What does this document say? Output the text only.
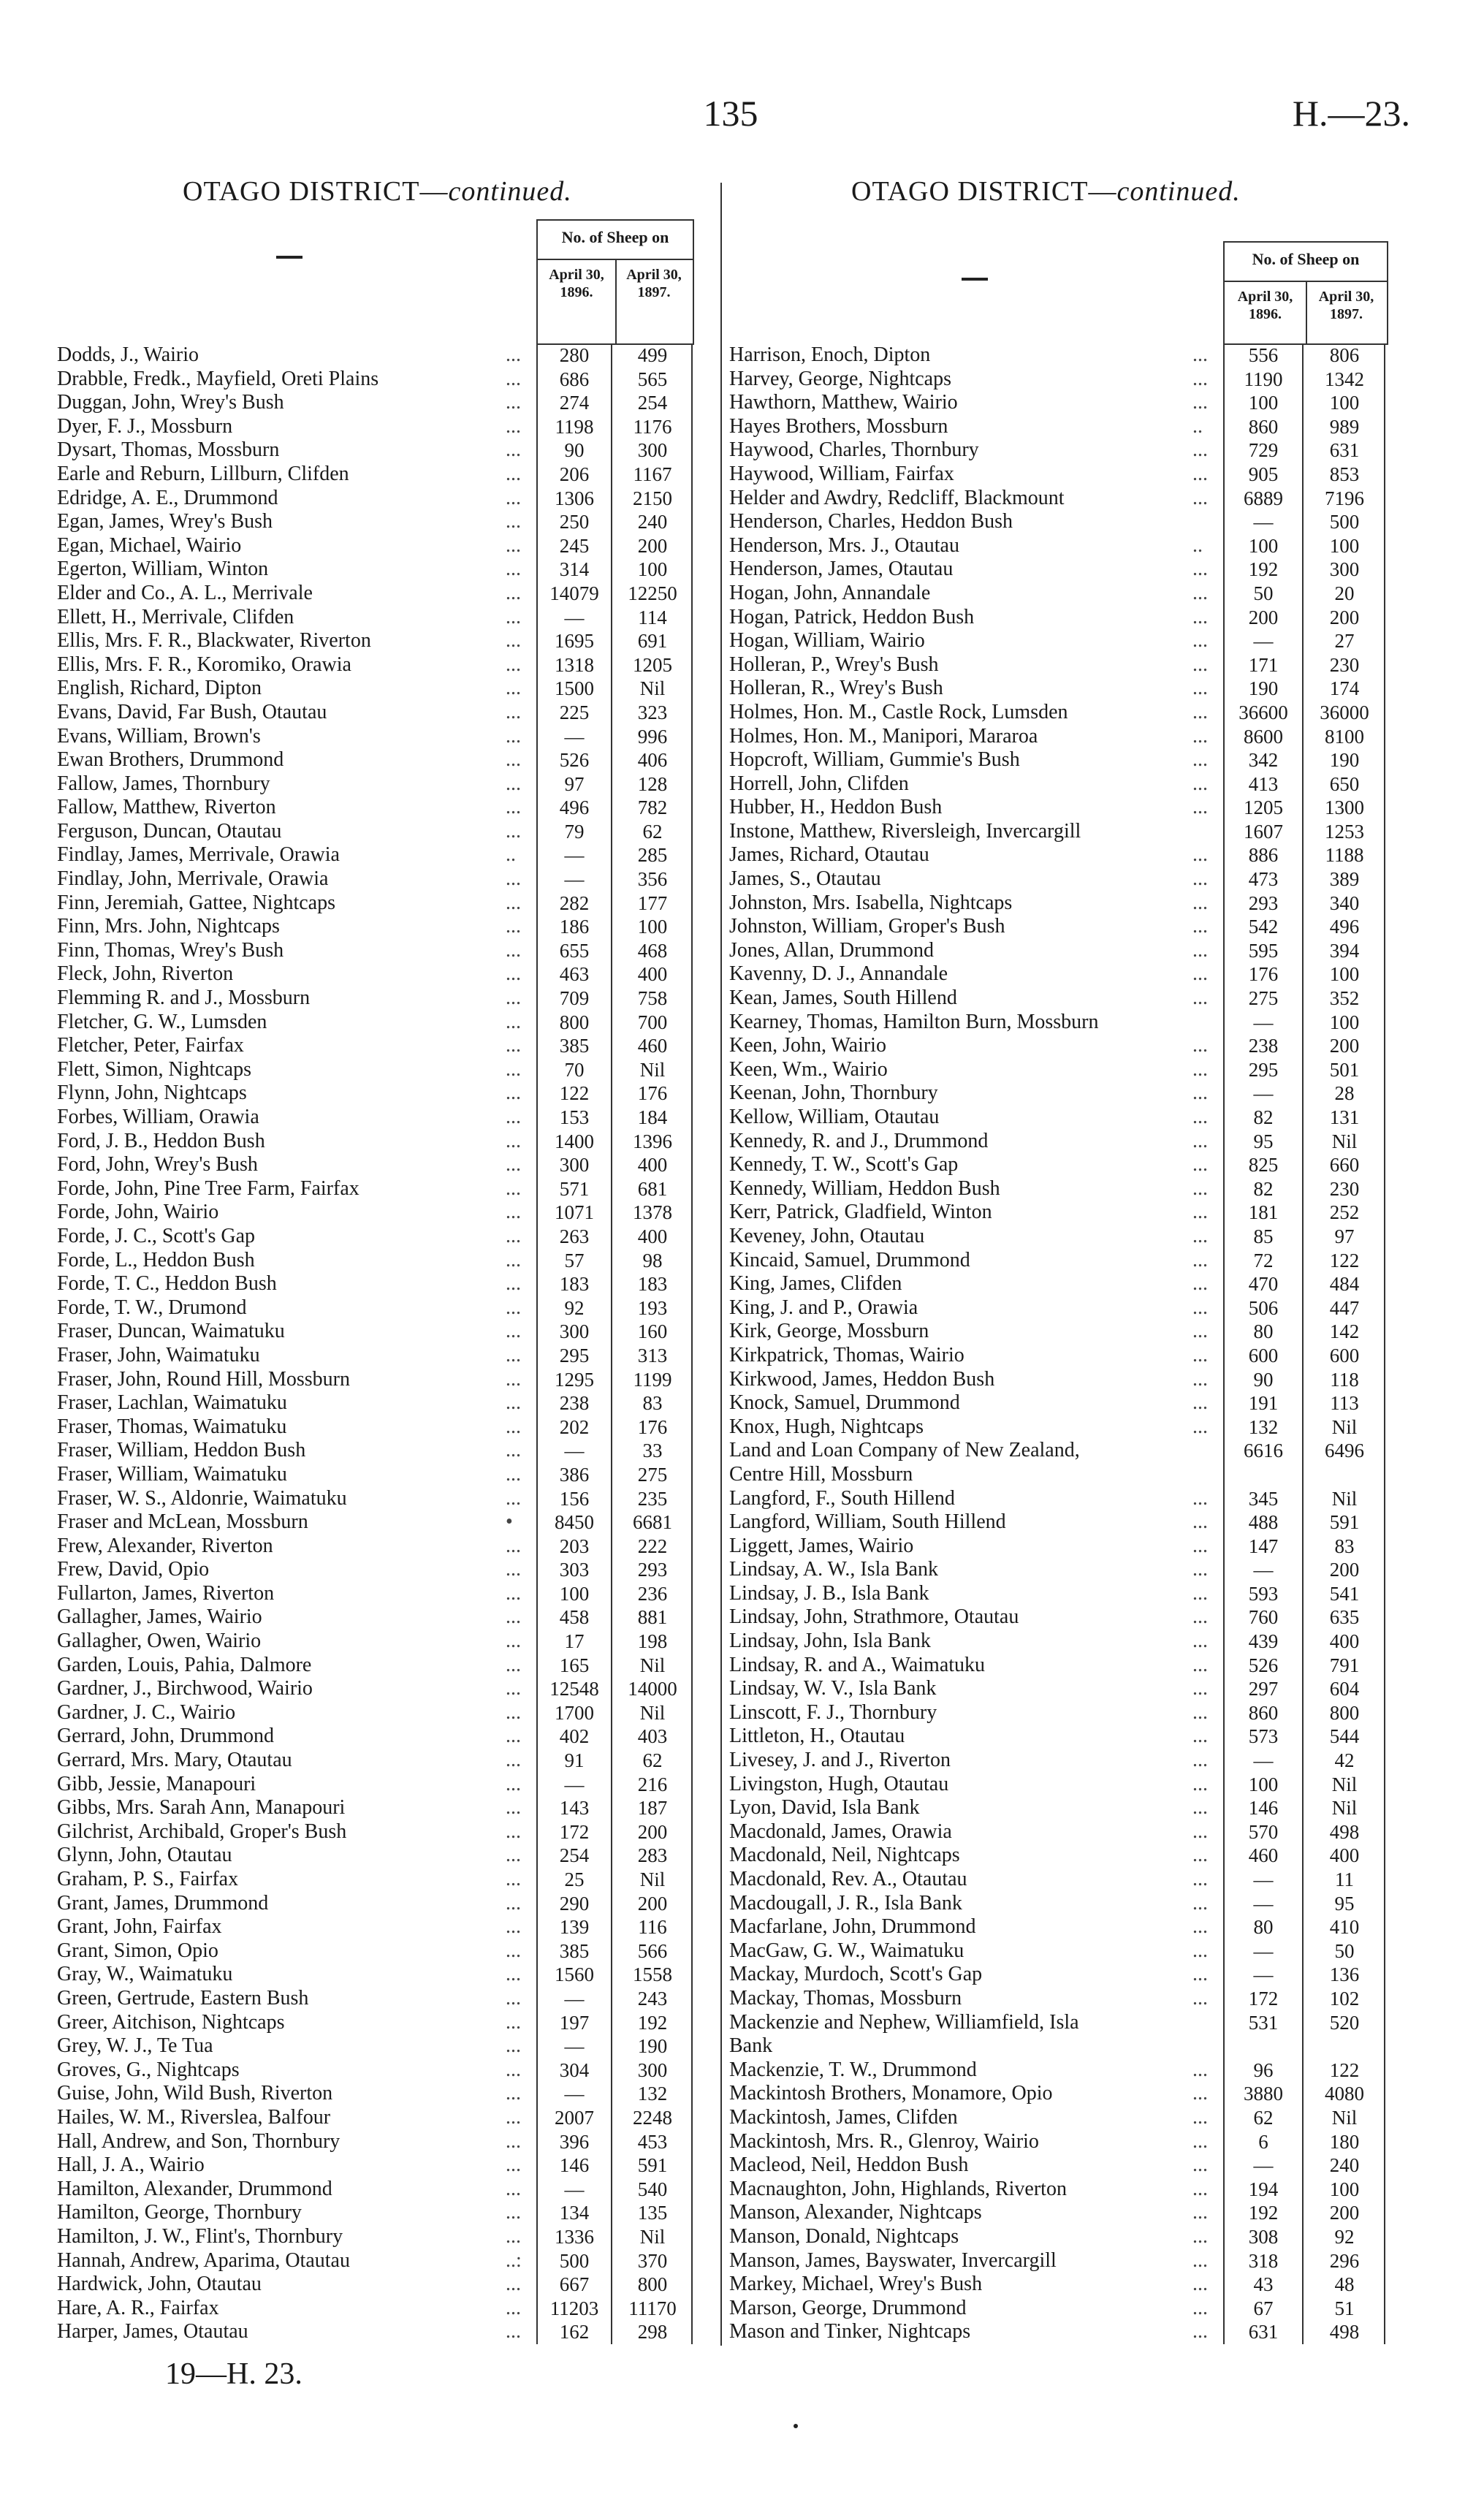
135	H.—23.
OTAGO DISTRICT—continued.	OTAGO DISTRICT—continued.
No. of Sheep on
April 30,
1896.
April 30,
1897.
Dodds, J., Wairio	...	280	499
Drabble, Fredk., Mayfield, Oreti Plains	...	686	565
Duggan, John, Wrey's Bush	...	274	254
Dyer, F. J., Mossburn	...	1198	1176
Dysart, Thomas, Mossburn	...	90	300
Earle and Reburn, Lillburn, Clifden	...	206	1167
Edridge, A. E., Drummond	...	1306	2150
Egan, James, Wrey's Bush	...	250	240
Egan, Michael, Wairio	...	245	200
Egerton, William, Winton	...	314	100
Elder and Co., A. L., Merrivale	...	14079	12250
Ellett, H., Merrivale, Clifden	...	—	114
Ellis, Mrs. F. R., Blackwater, Riverton	...	1695	691
Ellis, Mrs. F. R., Koromiko, Orawia	...	1318	1205
English, Richard, Dipton	...	1500	Nil
Evans, David, Far Bush, Otautau	...	225	323
Evans, William, Brown's	...	—	996
Ewan Brothers, Drummond	...	526	406
Fallow, James, Thornbury	...	97	128
Fallow, Matthew, Riverton	...	496	782
Ferguson, Duncan, Otautau	...	79	62
Findlay, James, Merrivale, Orawia	..	—	285
Findlay, John, Merrivale, Orawia	...	—	356
Finn, Jeremiah, Gattee, Nightcaps	...	282	177
Finn, Mrs. John, Nightcaps	...	186	100
Finn, Thomas, Wrey's Bush	...	655	468
Fleck, John, Riverton	...	463	400
Flemming R. and J., Mossburn	...	709	758
Fletcher, G. W., Lumsden	...	800	700
Fletcher, Peter, Fairfax	...	385	460
Flett, Simon, Nightcaps	...	70	Nil
Flynn, John, Nightcaps	...	122	176
Forbes, William, Orawia	...	153	184
Ford, J. B., Heddon Bush	...	1400	1396
Ford, John, Wrey's Bush	...	300	400
Forde, John, Pine Tree Farm, Fairfax	...	571	681
Forde, John, Wairio	...	1071	1378
Forde, J. C., Scott's Gap	...	263	400
Forde, L., Heddon Bush	...	57	98
Forde, T. C., Heddon Bush	...	183	183
Forde, T. W., Drumond	...	92	193
Fraser, Duncan, Waimatuku	...	300	160
Fraser, John, Waimatuku	...	295	313
Fraser, John, Round Hill, Mossburn	...	1295	1199
Fraser, Lachlan, Waimatuku	...	238	83
Fraser, Thomas, Waimatuku	...	202	176
Fraser, William, Heddon Bush	...	—	33
Fraser, William, Waimatuku	...	386	275
Fraser, W. S., Aldonrie, Waimatuku	...	156	235
Fraser and McLean, Mossburn	•	8450	6681
Frew, Alexander, Riverton	...	203	222
Frew, David, Opio	...	303	293
Fullarton, James, Riverton	...	100	236
Gallagher, James, Wairio	...	458	881
Gallagher, Owen, Wairio	...	17	198
Garden, Louis, Pahia, Dalmore	...	165	Nil
Gardner, J., Birchwood, Wairio	...	12548	14000
Gardner, J. C., Wairio	...	1700	Nil
Gerrard, John, Drummond	...	402	403
Gerrard, Mrs. Mary, Otautau	...	91	62
Gibb, Jessie, Manapouri	...	—	216
Gibbs, Mrs. Sarah Ann, Manapouri	...	143	187
Gilchrist, Archibald, Groper's Bush	...	172	200
Glynn, John, Otautau	...	254	283
Graham, P. S., Fairfax	...	25	Nil
Grant, James, Drummond	...	290	200
Grant, John, Fairfax	...	139	116
Grant, Simon, Opio	...	385	566
Gray, W., Waimatuku	...	1560	1558
Green, Gertrude, Eastern Bush	...	—	243
Greer, Aitchison, Nightcaps	...	197	192
Grey, W. J., Te Tua	...	—	190
Groves, G., Nightcaps	...	304	300
Guise, John, Wild Bush, Riverton	...	—	132
Hailes, W. M., Riverslea, Balfour	...	2007	2248
Hall, Andrew, and Son, Thornbury	...	396	453
Hall, J. A., Wairio	...	146	591
Hamilton, Alexander, Drummond	...	—	540
Hamilton, George, Thornbury	...	134	135
Hamilton, J. W., Flint's, Thornbury	...	1336	Nil
Hannah, Andrew, Aparima, Otautau	..:	500	370
Hardwick, John, Otautau	...	667	800
Hare, A. R., Fairfax	...	11203	11170
Harper, James, Otautau	...	162	298
No. of Sheep on
April 30,
1896.
April 30,
1897.
Harrison, Enoch, Dipton	...	556	806
Harvey, George, Nightcaps	...	1190	1342
Hawthorn, Matthew, Wairio	...	100	100
Hayes Brothers, Mossburn	..	860	989
Haywood, Charles, Thornbury	...	729	631
Haywood, William, Fairfax	...	905	853
Helder and Awdry, Redcliff, Blackmount	...	6889	7196
Henderson, Charles, Heddon Bush	—	500
Henderson, Mrs. J., Otautau	..	100	100
Henderson, James, Otautau	...	192	300
Hogan, John, Annandale	...	50	20
Hogan, Patrick, Heddon Bush	...	200	200
Hogan, William, Wairio	...	—	27
Holleran, P., Wrey's Bush	...	171	230
Holleran, R., Wrey's Bush	...	190	174
Holmes, Hon. M., Castle Rock, Lumsden	...	36600	36000
Holmes, Hon. M., Manipori, Mararoa	...	8600	8100
Hopcroft, William, Gummie's Bush	...	342	190
Horrell, John, Clifden	...	413	650
Hubber, H., Heddon Bush	...	1205	1300
Instone, Matthew, Riversleigh, Invercargill	1607	1253
James, Richard, Otautau	...	886	1188
James, S., Otautau	...	473	389
Johnston, Mrs. Isabella, Nightcaps	...	293	340
Johnston, William, Groper's Bush	...	542	496
Jones, Allan, Drummond	...	595	394
Kavenny, D. J., Annandale	...	176	100
Kean, James, South Hillend	...	275	352
Kearney, Thomas, Hamilton Burn, Mossburn	—	100
Keen, John, Wairio	...	238	200
Keen, Wm., Wairio	...	295	501
Keenan, John, Thornbury	...	—	28
Kellow, William, Otautau	...	82	131
Kennedy, R. and J., Drummond	...	95	Nil
Kennedy, T. W., Scott's Gap	...	825	660
Kennedy, William, Heddon Bush	...	82	230
Kerr, Patrick, Gladfield, Winton	...	181	252
Keveney, John, Otautau	...	85	97
Kincaid, Samuel, Drummond	...	72	122
King, James, Clifden	...	470	484
King, J. and P., Orawia	...	506	447
Kirk, George, Mossburn	...	80	142
Kirkpatrick, Thomas, Wairio	...	600	600
Kirkwood, James, Heddon Bush	...	90	118
Knock, Samuel, Drummond	...	191	113
Knox, Hugh, Nightcaps	...	132	Nil
Land and Loan Company of New Zealand,	6616	6496
Centre Hill, Mossburn
Langford, F., South Hillend	...	345	Nil
Langford, William, South Hillend	...	488	591
Liggett, James, Wairio	...	147	83
Lindsay, A. W., Isla Bank	...	—	200
Lindsay, J. B., Isla Bank	...	593	541
Lindsay, John, Strathmore, Otautau	...	760	635
Lindsay, John, Isla Bank	...	439	400
Lindsay, R. and A., Waimatuku	...	526	791
Lindsay, W. V., Isla Bank	...	297	604
Linscott, F. J., Thornbury	...	860	800
Littleton, H., Otautau	...	573	544
Livesey, J. and J., Riverton	...	—	42
Livingston, Hugh, Otautau	...	100	Nil
Lyon, David, Isla Bank	...	146	Nil
Macdonald, James, Orawia	...	570	498
Macdonald, Neil, Nightcaps	...	460	400
Macdonald, Rev. A., Otautau	...	—	11
Macdougall, J. R., Isla Bank	...	—	95
Macfarlane, John, Drummond	...	80	410
MacGaw, G. W., Waimatuku	...	—	50
Mackay, Murdoch, Scott's Gap	...	—	136
Mackay, Thomas, Mossburn	...	172	102
Mackenzie and Nephew, Williamfield, Isla	531	520
Bank
Mackenzie, T. W., Drummond	...	96	122
Mackintosh Brothers, Monamore, Opio	...	3880	4080
Mackintosh, James, Clifden	...	62	Nil
Mackintosh, Mrs. R., Glenroy, Wairio	...	6	180
Macleod, Neil, Heddon Bush	...	—	240
Macnaughton, John, Highlands, Riverton	...	194	100
Manson, Alexander, Nightcaps	...	192	200
Manson, Donald, Nightcaps	...	308	92
Manson, James, Bayswater, Invercargill	...	318	296
Markey, Michael, Wrey's Bush	...	43	48
Marson, George, Drummond	...	67	51
Mason and Tinker, Nightcaps	...	631	498
19—H. 23.
